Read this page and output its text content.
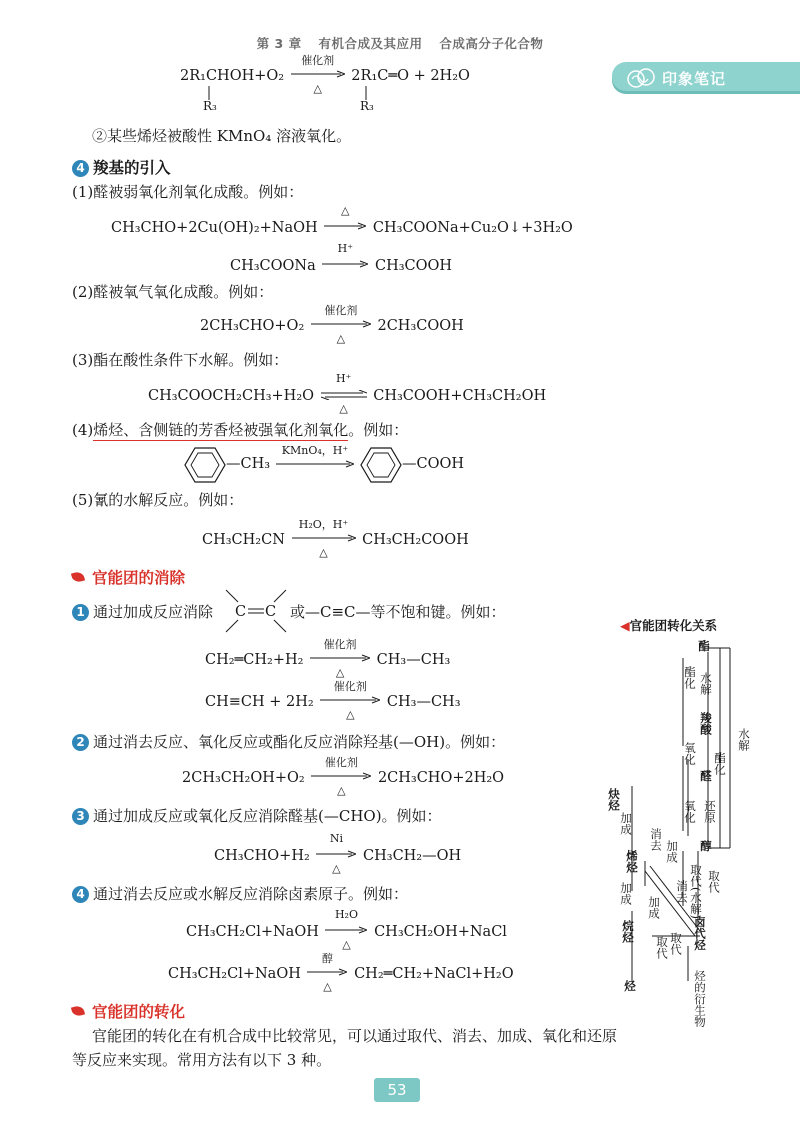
第 3 章 有机合成及其应用 合成高分子化合物
印象笔记
2R₁CHOH+O₂
催化剂
△
2R₁C═O + 2H₂O
R₃	R₃
②某些烯烃被酸性 KMnO₄ 溶液氧化。
4 羧基的引入
(1)醛被弱氧化剂氧化成酸。例如：
CH₃CHO+2Cu(OH)₂+NaOH
△
CH₃COONa+Cu₂O↓+3H₂O
CH₃COONa
H⁺
CH₃COOH
(2)醛被氧气氧化成酸。例如：
2CH₃CHO+O₂
催化剂
△
2CH₃COOH
(3)酯在酸性条件下水解。例如：
CH₃COOCH₂CH₃+H₂O
H⁺
△
CH₃COOH+CH₃CH₂OH
(4)烯烃、含侧链的芳香烃被强氧化剂氧化。例如：
—CH₃
KMnO₄，H⁺
—COOH
(5)氰的水解反应。例如：
CH₃CH₂CN
H₂O，H⁺
△
CH₃CH₂COOH
官能团的消除
1 通过加成反应消除 C C 或—C≡C—等不饱和键。例如：
CH₂═CH₂+H₂
催化剂
△
CH₃—CH₃
CH≡CH + 2H₂
催化剂
△
CH₃—CH₃
2 通过消去反应、氧化反应或酯化反应消除羟基(—OH)。例如：
2CH₃CH₂OH+O₂
催化剂
△
2CH₃CHO+2H₂O
3 通过加成反应或氧化反应消除醛基(—CHO)。例如：
CH₃CHO+H₂
Ni
△
CH₃CH₂—OH
4 通过消去反应或水解反应消除卤素原子。例如：
CH₃CH₂Cl+NaOH
H₂O
△
CH₃CH₂OH+NaCl
CH₃CH₂Cl+NaOH
醇
△
CH₂═CH₂+NaCl+H₂O
官能团的转化
官能团的转化在有机合成中比较常见，可以通过取代、消去、加成、氧化和还原
等反应来实现。常用方法有以下 3 种。
53
◀官能团转化关系
酯
酯化 水解
羧酸
氧化 酯化
水解
醛
氧化 还原
醇
炔烃
加成
消去
加成
烯烃
加成
加成
消去 取代(水解) 取代
烷烃
取代 取代 卤代烃
烃	烃的衍生物
